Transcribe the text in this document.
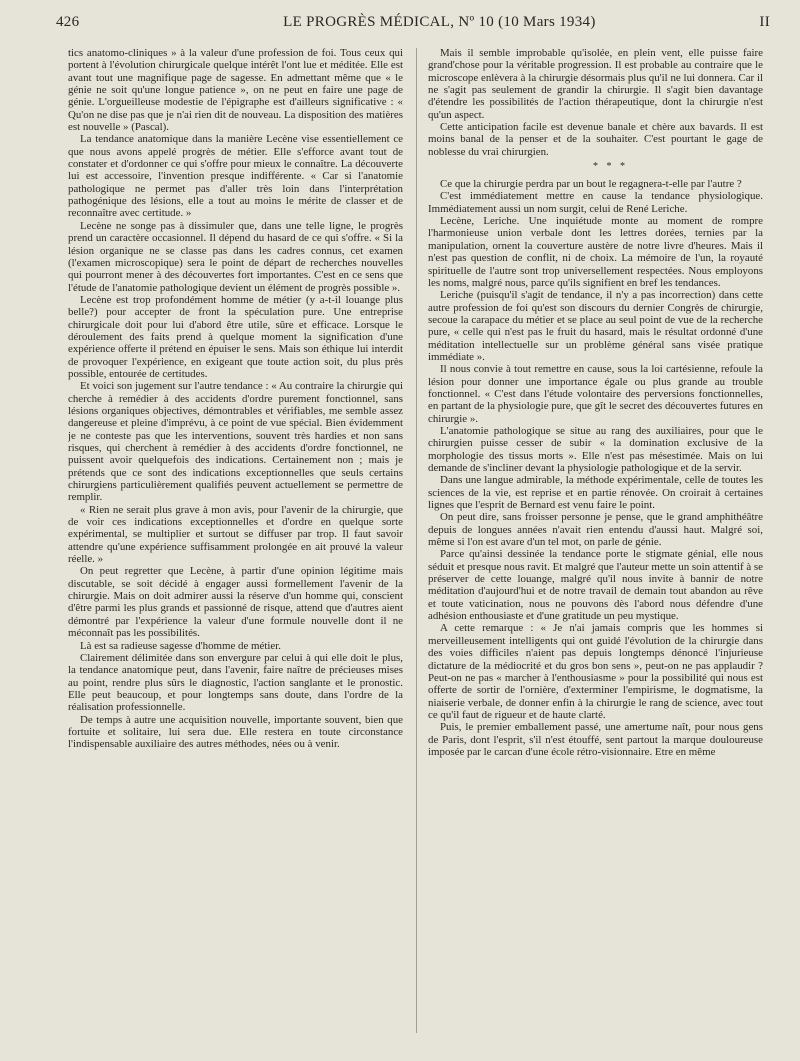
426	LE PROGRÈS MÉDICAL, Nº 10 (10 Mars 1934)	II

tics anatomo-cliniques » à la valeur d'une profession de foi. Tous ceux qui portent à l'évolution chirurgicale quelque intérêt l'ont lue et méditée. Elle est avant tout une magnifique page de sagesse. En admettant même que « le génie ne soit qu'une longue patience », on ne peut en faire une page de génie. L'orgueilleuse modestie de l'épigraphe est d'ailleurs significative : « Qu'on ne dise pas que je n'ai rien dit de nouveau. La disposition des matières est nouvelle » (Pascal).

La tendance anatomique dans la manière Lecène vise essentiellement ce que nous avons appelé progrès de métier. Elle s'efforce avant tout de constater et d'ordonner ce qui s'offre pour mieux le connaître. La découverte lui est accessoire, l'invention presque indifférente. « Car si l'anatomie pathologique ne permet pas d'aller très loin dans l'interprétation pathogénique des lésions, elle a tout au moins le mérite de classer et de reconnaître avec certitude. »

Lecène ne songe pas à dissimuler que, dans une telle ligne, le progrès prend un caractère occasionnel. Il dépend du hasard de ce qui s'offre. « Si la lésion organique ne se classe pas dans les cadres connus, cet examen (l'examen microscopique) sera le point de départ de recherches nouvelles qui pourront mener à des découvertes fort importantes. C'est en ce sens que l'étude de l'anatomie pathologique devient un élément de progrès possible ».

Lecène est trop profondément homme de métier (y a-t-il louange plus belle?) pour accepter de front la spéculation pure. Une entreprise chirurgicale doit pour lui d'abord être utile, sûre et efficace. Lorsque le déroulement des faits prend à quelque moment la signification d'une expérience offerte il prétend en épuiser le sens. Mais son éthique lui interdit de provoquer l'expérience, en exigeant que toute action soit, du plus près possible, entourée de certitudes.

Et voici son jugement sur l'autre tendance : « Au contraire la chirurgie qui cherche à remédier à des accidents d'ordre purement fonctionnel, sans lésions organiques objectives, démontrables et vérifiables, me semble assez dangereuse et pleine d'imprévu, à ce point de vue spécial. Bien évidemment je ne conteste pas que les interventions, souvent très hardies et non sans risques, qui cherchent à remédier à des accidents d'ordre fonctionnel, ne puissent avoir quelquefois des indications. Certainement non ; mais je prétends que ce sont des indications exceptionnelles que seuls certains chirurgiens particulièrement qualifiés peuvent actuellement se permettre de remplir.

« Rien ne serait plus grave à mon avis, pour l'avenir de la chirurgie, que de voir ces indications exceptionnelles et d'ordre en quelque sorte expérimental, se multiplier et surtout se diffuser par trop. Il faut savoir attendre qu'une expérience suffisamment prolongée en ait prouvé la valeur réelle. »

On peut regretter que Lecène, à partir d'une opinion légitime mais discutable, se soit décidé à engager aussi formellement l'avenir de la chirurgie. Mais on doit admirer aussi la réserve d'un homme qui, conscient d'être parmi les plus grands et passionné de risque, attend que d'autres aient démontré par l'expérience la valeur d'une formule nouvelle dont il ne méconnaît pas les possibilités.

Là est sa radieuse sagesse d'homme de métier.

Clairement délimitée dans son envergure par celui à qui elle doit le plus, la tendance anatomique peut, dans l'avenir, faire naître de précieuses mises au point, rendre plus sûrs le diagnostic, l'action sanglante et le pronostic. Elle peut beaucoup, et pour longtemps sans doute, dans l'ordre de la réalisation professionnelle.

De temps à autre une acquisition nouvelle, importante souvent, bien que fortuite et solitaire, lui sera due. Elle restera en toute circonstance l'indispensable auxiliaire des autres méthodes, nées ou à venir.

Mais il semble improbable qu'isolée, en plein vent, elle puisse faire grand'chose pour la véritable progression. Il est probable au contraire que le microscope enlèvera à la chirurgie désormais plus qu'il ne lui donnera. Car il ne s'agit pas seulement de grandir la chirurgie. Il s'agit bien davantage d'étendre les possibilités de l'action thérapeutique, dont la chirurgie n'est qu'un aspect.

Cette anticipation facile est devenue banale et chère aux bavards. Il est moins banal de la penser et de la souhaiter. C'est pourtant le gage de noblesse du vrai chirurgien.

* * *

Ce que la chirurgie perdra par un bout le regagnera-t-elle par l'autre ?

C'est immédiatement mettre en cause la tendance physiologique. Immédiatement aussi un nom surgit, celui de René Leriche.

Lecène, Leriche. Une inquiétude monte au moment de rompre l'harmonieuse union verbale dont les lettres dorées, ternies par la manipulation, ornent la couverture austère de notre livre d'heures. Mais il n'est pas question de conflit, ni de choix. La mémoire de l'un, la royauté spirituelle de l'autre sont trop universellement respectées. Nous employons les noms, malgré nous, parce qu'ils signifient en bref les tendances.

Leriche (puisqu'il s'agit de tendance, il n'y a pas incorrection) dans cette autre profession de foi qu'est son discours du dernier Congrès de chirurgie, secoue la carapace du métier et se place au seul point de vue de la recherche pure, « celle qui n'est pas le fruit du hasard, mais le résultat ordonné d'une méditation intellectuelle sur un problème général sans visée pratique immédiate ».

Il nous convie à tout remettre en cause, sous la loi cartésienne, refoule la lésion pour donner une importance égale ou plus grande au trouble fonctionnel. « C'est dans l'étude volontaire des perversions fonctionnelles, en partant de la physiologie pure, que gît le secret des découvertes futures en chirurgie ».

L'anatomie pathologique se situe au rang des auxiliaires, pour que le chirurgien puisse cesser de subir « la domination exclusive de la morphologie des tissus morts ». Elle n'est pas mésestimée. Mais on lui demande de s'incliner devant la physiologie pathologique et de la servir.

Dans une langue admirable, la méthode expérimentale, celle de toutes les sciences de la vie, est reprise et en partie rénovée. On croirait à certaines lignes que l'esprit de Bernard est venu faire le point.

On peut dire, sans froisser personne je pense, que le grand amphithéâtre depuis de longues années n'avait rien entendu d'aussi haut. Malgré soi, même si l'on est avare d'un tel mot, on parle de génie.

Parce qu'ainsi dessinée la tendance porte le stigmate génial, elle nous séduit et presque nous ravit. Et malgré que l'auteur mette un soin attentif à se préserver de cette louange, malgré qu'il nous invite à bannir de notre méditation d'aujourd'hui et de notre travail de demain tout abandon au rêve et toute vaticination, nous ne pouvons dès l'abord nous défendre d'une adhésion enthousiaste et d'une gratitude un peu mystique.

A cette remarque : « Je n'ai jamais compris que les hommes si merveilleusement intelligents qui ont guidé l'évolution de la chirurgie dans des voies difficiles n'aient pas depuis longtemps dénoncé l'injurieuse dictature de la médiocrité et du gros bon sens », peut-on ne pas applaudir ? Peut-on ne pas « marcher à l'enthousiasme » pour la possibilité qui nous est offerte de sortir de l'ornière, d'exterminer l'empirisme, le dogmatisme, la niaiserie verbale, de donner enfin à la chirurgie le rang de science, avec tout ce qu'il faut de rigueur et de haute clarté.

Puis, le premier emballement passé, une amertume naît, pour nous gens de Paris, dont l'esprit, s'il n'est étouffé, sent partout la marque douloureuse imposée par le carcan d'une école rétro-visionnaire. Etre en même
